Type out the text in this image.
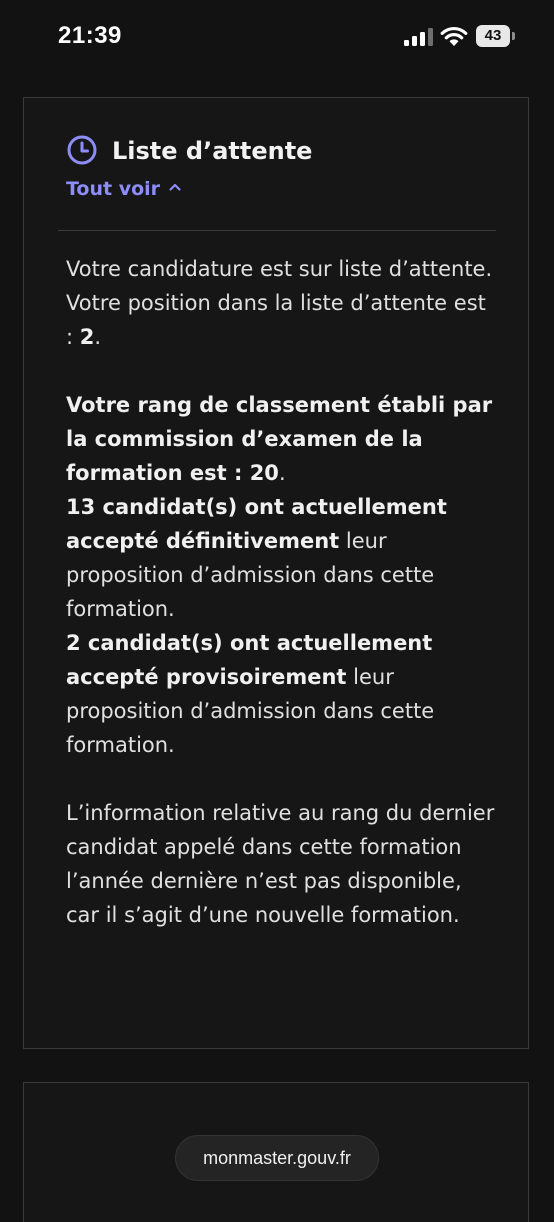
21:39	43
Liste d’attente
Tout voir

Votre candidature est sur liste d’attente.
Votre position dans la liste d’attente est : 2.

Votre rang de classement établi par la commission d’examen de la formation est : 20.
13 candidat(s) ont actuellement accepté définitivement leur proposition d’admission dans cette formation.
2 candidat(s) ont actuellement accepté provisoirement leur proposition d’admission dans cette formation.

L’information relative au rang du dernier candidat appelé dans cette formation l’année dernière n’est pas disponible, car il s’agit d’une nouvelle formation.

monmaster.gouv.fr
